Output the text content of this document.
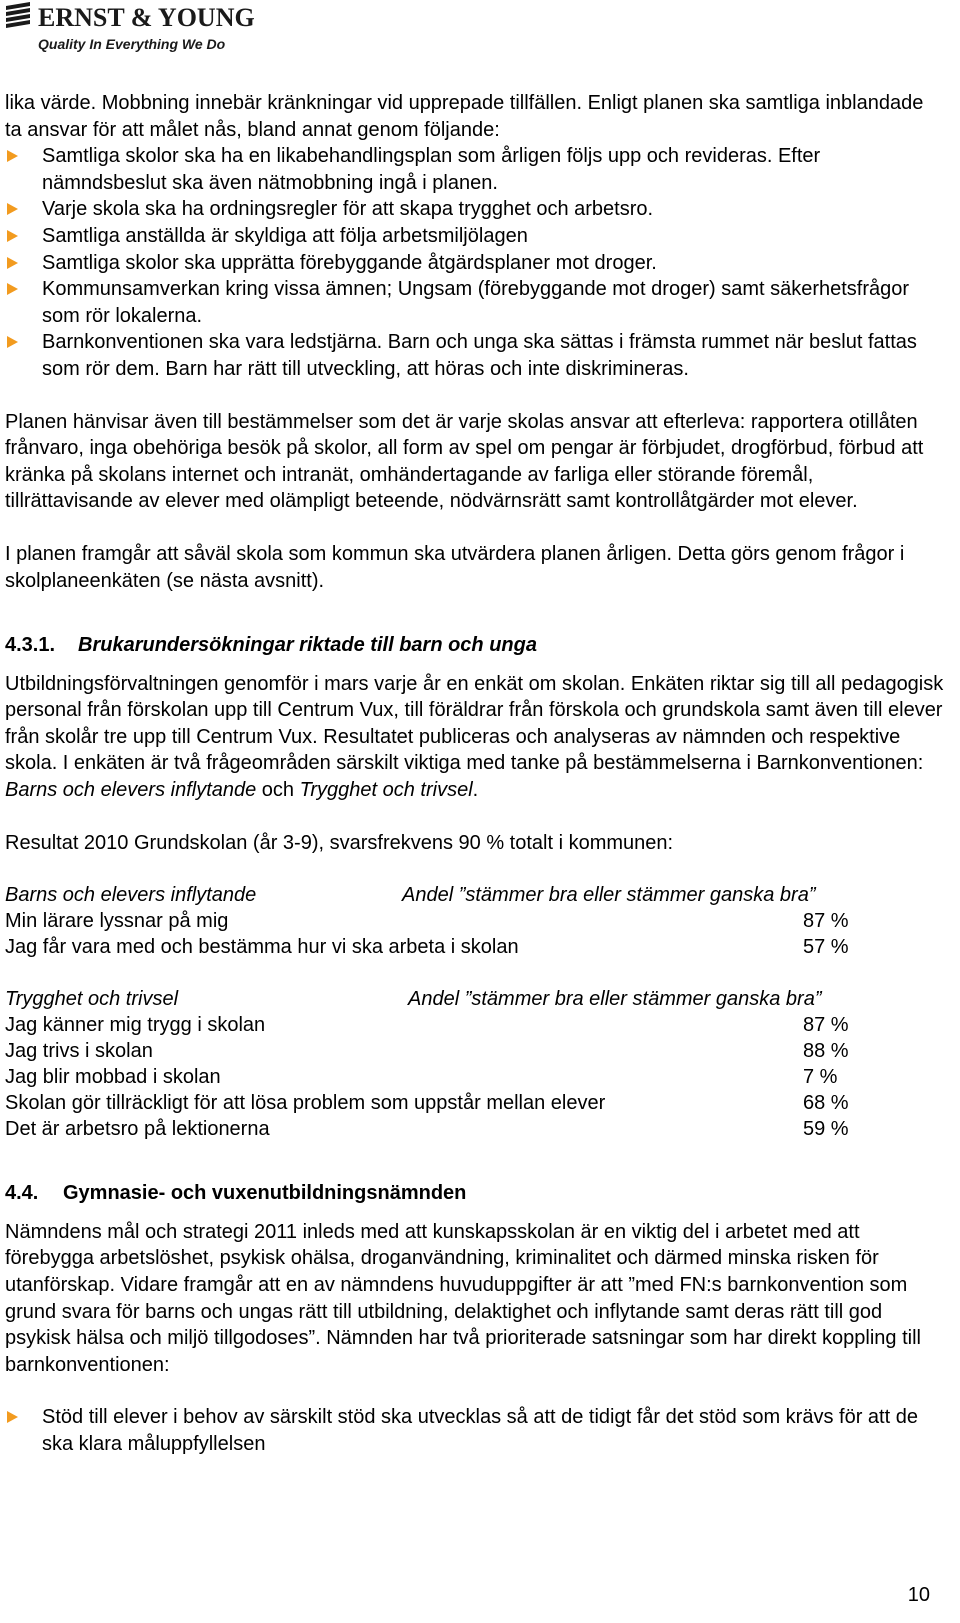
ERNST & YOUNG
Quality In Everything We Do

lika värde. Mobbning innebär kränkningar vid upprepade tillfällen. Enligt planen ska samtliga inblandade ta ansvar för att målet nås, bland annat genom följande:

Samtliga skolor ska ha en likabehandlingsplan som årligen följs upp och revideras. Efter nämndsbeslut ska även nätmobbning ingå i planen.
Varje skola ska ha ordningsregler för att skapa trygghet och arbetsro.
Samtliga anställda är skyldiga att följa arbetsmiljölagen
Samtliga skolor ska upprätta förebyggande åtgärdsplaner mot droger.
Kommunsamverkan kring vissa ämnen; Ungsam (förebyggande mot droger) samt säkerhetsfrågor som rör lokalerna.
Barnkonventionen ska vara ledstjärna. Barn och unga ska sättas i främsta rummet när beslut fattas som rör dem. Barn har rätt till utveckling, att höras och inte diskrimineras.

Planen hänvisar även till bestämmelser som det är varje skolas ansvar att efterleva: rapportera otillåten frånvaro, inga obehöriga besök på skolor, all form av spel om pengar är förbjudet, drogförbud, förbud att kränka på skolans internet och intranät, omhändertagande av farliga eller störande föremål, tillrättavisande av elever med olämpligt beteende, nödvärnsrätt samt kontrollåtgärder mot elever.

I planen framgår att såväl skola som kommun ska utvärdera planen årligen. Detta görs genom frågor i skolplaneenkäten (se nästa avsnitt).

4.3.1.	Brukarundersökningar riktade till barn och unga

Utbildningsförvaltningen genomför i mars varje år en enkät om skolan. Enkäten riktar sig till all pedagogisk personal från förskolan upp till Centrum Vux, till föräldrar från förskola och grundskola samt även till elever från skolår tre upp till Centrum Vux. Resultatet publiceras och analyseras av nämnden och respektive skola. I enkäten är två frågeområden särskilt viktiga med tanke på bestämmelserna i Barnkonventionen: Barns och elevers inflytande och Trygghet och trivsel.

Resultat 2010 Grundskolan (år 3-9), svarsfrekvens 90 % totalt i kommunen:

Barns och elevers inflytande	Andel ”stämmer bra eller stämmer ganska bra”
Min lärare lyssnar på mig	87 %
Jag får vara med och bestämma hur vi ska arbeta i skolan	57 %
Trygghet och trivsel	Andel ”stämmer bra eller stämmer ganska bra”
Jag känner mig trygg i skolan	87 %
Jag trivs i skolan	88 %
Jag blir mobbad i skolan	7 %
Skolan gör tillräckligt för att lösa problem som uppstår mellan elever	68 %
Det är arbetsro på lektionerna	59 %
4.4.	Gymnasie- och vuxenutbildningsnämnden

Nämndens mål och strategi 2011 inleds med att kunskapsskolan är en viktig del i arbetet med att förebygga arbetslöshet, psykisk ohälsa, droganvändning, kriminalitet och därmed minska risken för utanförskap. Vidare framgår att en av nämndens huvuduppgifter är att ”med FN:s barnkonvention som grund svara för barns och ungas rätt till utbildning, delaktighet och inflytande samt deras rätt till god psykisk hälsa och miljö tillgodoses”. Nämnden har två prioriterade satsningar som har direkt koppling till barnkonventionen:

Stöd till elever i behov av särskilt stöd ska utvecklas så att de tidigt får det stöd som krävs för att de ska klara måluppfyllelsen
10
